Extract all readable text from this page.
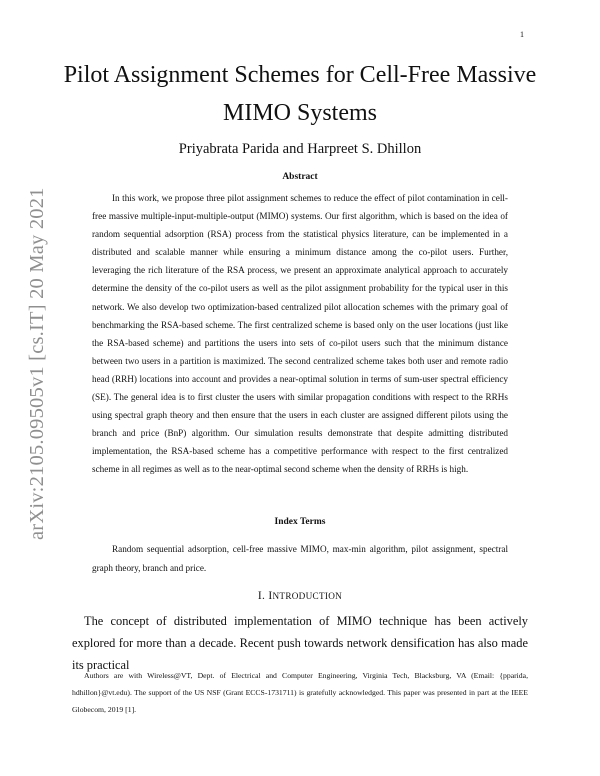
1
arXiv:2105.09505v1 [cs.IT] 20 May 2021
Pilot Assignment Schemes for Cell-Free Massive MIMO Systems

Priyabrata Parida and Harpreet S. Dhillon

Abstract

In this work, we propose three pilot assignment schemes to reduce the effect of pilot contamination in cell-free massive multiple-input-multiple-output (MIMO) systems. Our first algorithm, which is based on the idea of random sequential adsorption (RSA) process from the statistical physics literature, can be implemented in a distributed and scalable manner while ensuring a minimum distance among the co-pilot users. Further, leveraging the rich literature of the RSA process, we present an approximate analytical approach to accurately determine the density of the co-pilot users as well as the pilot assignment probability for the typical user in this network. We also develop two optimization-based centralized pilot allocation schemes with the primary goal of benchmarking the RSA-based scheme. The first centralized scheme is based only on the user locations (just like the RSA-based scheme) and partitions the users into sets of co-pilot users such that the minimum distance between two users in a partition is maximized. The second centralized scheme takes both user and remote radio head (RRH) locations into account and provides a near-optimal solution in terms of sum-user spectral efficiency (SE). The general idea is to first cluster the users with similar propagation conditions with respect to the RRHs using spectral graph theory and then ensure that the users in each cluster are assigned different pilots using the branch and price (BnP) algorithm. Our simulation results demonstrate that despite admitting distributed implementation, the RSA-based scheme has a competitive performance with respect to the first centralized scheme in all regimes as well as to the near-optimal second scheme when the density of RRHs is high.

Index Terms

Random sequential adsorption, cell-free massive MIMO, max-min algorithm, pilot assignment, spectral graph theory, branch and price.

I. INTRODUCTION

The concept of distributed implementation of MIMO technique has been actively explored for more than a decade. Recent push towards network densification has also made its practical

Authors are with Wireless@VT, Dept. of Electrical and Computer Engineering, Virginia Tech, Blacksburg, VA (Email: {pparida, hdhillon}@vt.edu). The support of the US NSF (Grant ECCS-1731711) is gratefully acknowledged. This paper was presented in part at the IEEE Globecom, 2019 [1].
